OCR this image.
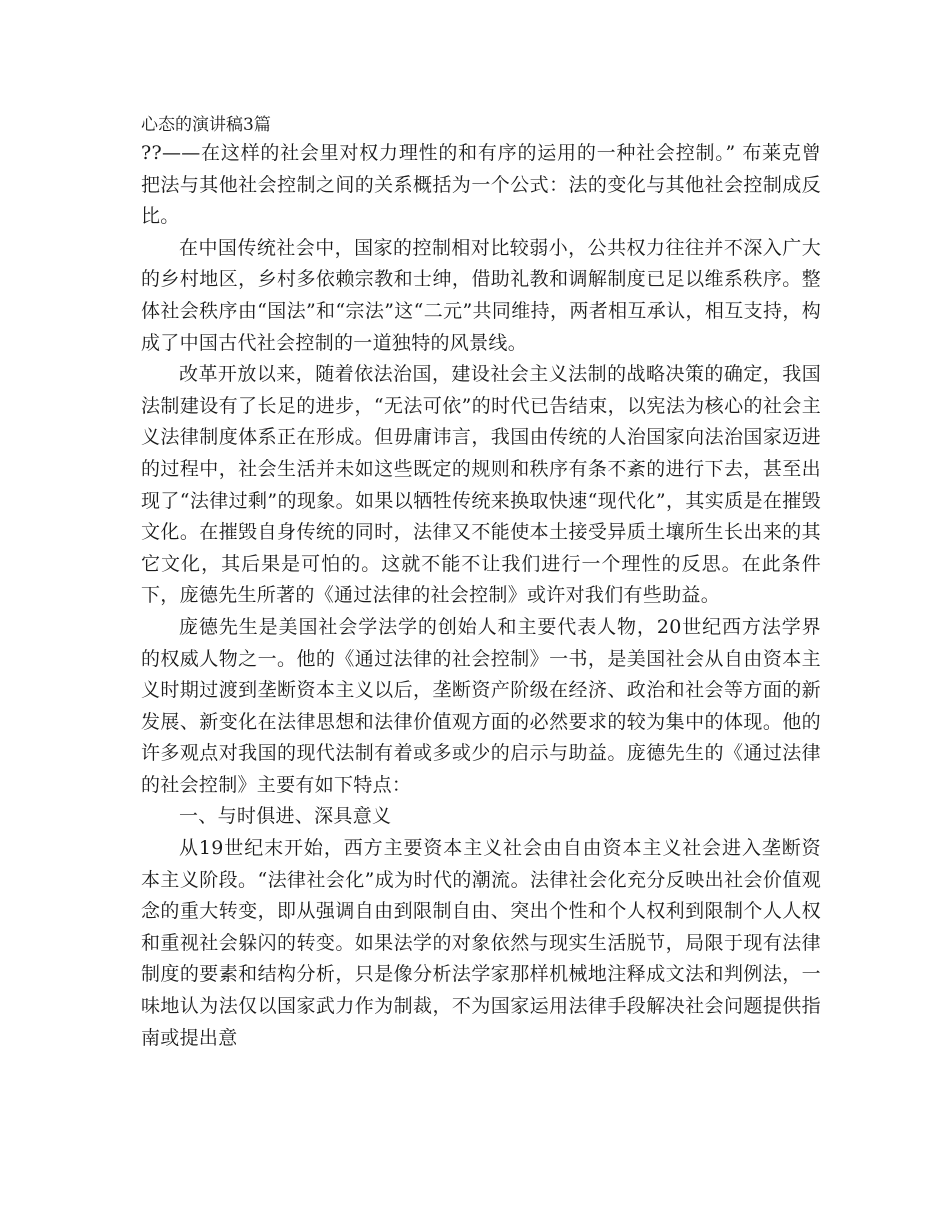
心态的演讲稿3篇

??——在这样的社会里对权力理性的和有序的运用的一种社会控制。” 布莱克曾把法与其他社会控制之间的关系概括为一个公式：法的变化与其他社会控制成反比。

在中国传统社会中，国家的控制相对比较弱小，公共权力往往并不深入广大的乡村地区，乡村多依赖宗教和士绅，借助礼教和调解制度已足以维系秩序。整体社会秩序由“国法”和“宗法”这“二元”共同维持，两者相互承认，相互支持，构成了中国古代社会控制的一道独特的风景线。

改革开放以来，随着依法治国，建设社会主义法制的战略决策的确定，我国法制建设有了长足的进步，“无法可依”的时代已告结束，以宪法为核心的社会主义法律制度体系正在形成。但毋庸讳言，我国由传统的人治国家向法治国家迈进的过程中，社会生活并未如这些既定的规则和秩序有条不紊的进行下去，甚至出现了“法律过剩”的现象。如果以牺牲传统来换取快速“现代化”，其实质是在摧毁文化。在摧毁自身传统的同时，法律又不能使本土接受异质土壤所生长出来的其它文化，其后果是可怕的。这就不能不让我们进行一个理性的反思。在此条件下，庞德先生所著的《通过法律的社会控制》或许对我们有些助益。

庞德先生是美国社会学法学的创始人和主要代表人物，20世纪西方法学界的权威人物之一。他的《通过法律的社会控制》一书，是美国社会从自由资本主义时期过渡到垄断资本主义以后，垄断资产阶级在经济、政治和社会等方面的新发展、新变化在法律思想和法律价值观方面的必然要求的较为集中的体现。他的许多观点对我国的现代法制有着或多或少的启示与助益。庞德先生的《通过法律的社会控制》主要有如下特点：

一、与时俱进、深具意义

从19世纪末开始，西方主要资本主义社会由自由资本主义社会进入垄断资本主义阶段。“法律社会化”成为时代的潮流。法律社会化充分反映出社会价值观念的重大转变，即从强调自由到限制自由、突出个性和个人权利到限制个人人权和重视社会躲闪的转变。如果法学的对象依然与现实生活脱节，局限于现有法律制度的要素和结构分析，只是像分析法学家那样机械地注释成文法和判例法，一味地认为法仅以国家武力作为制裁，不为国家运用法律手段解决社会问题提供指南或提出意
